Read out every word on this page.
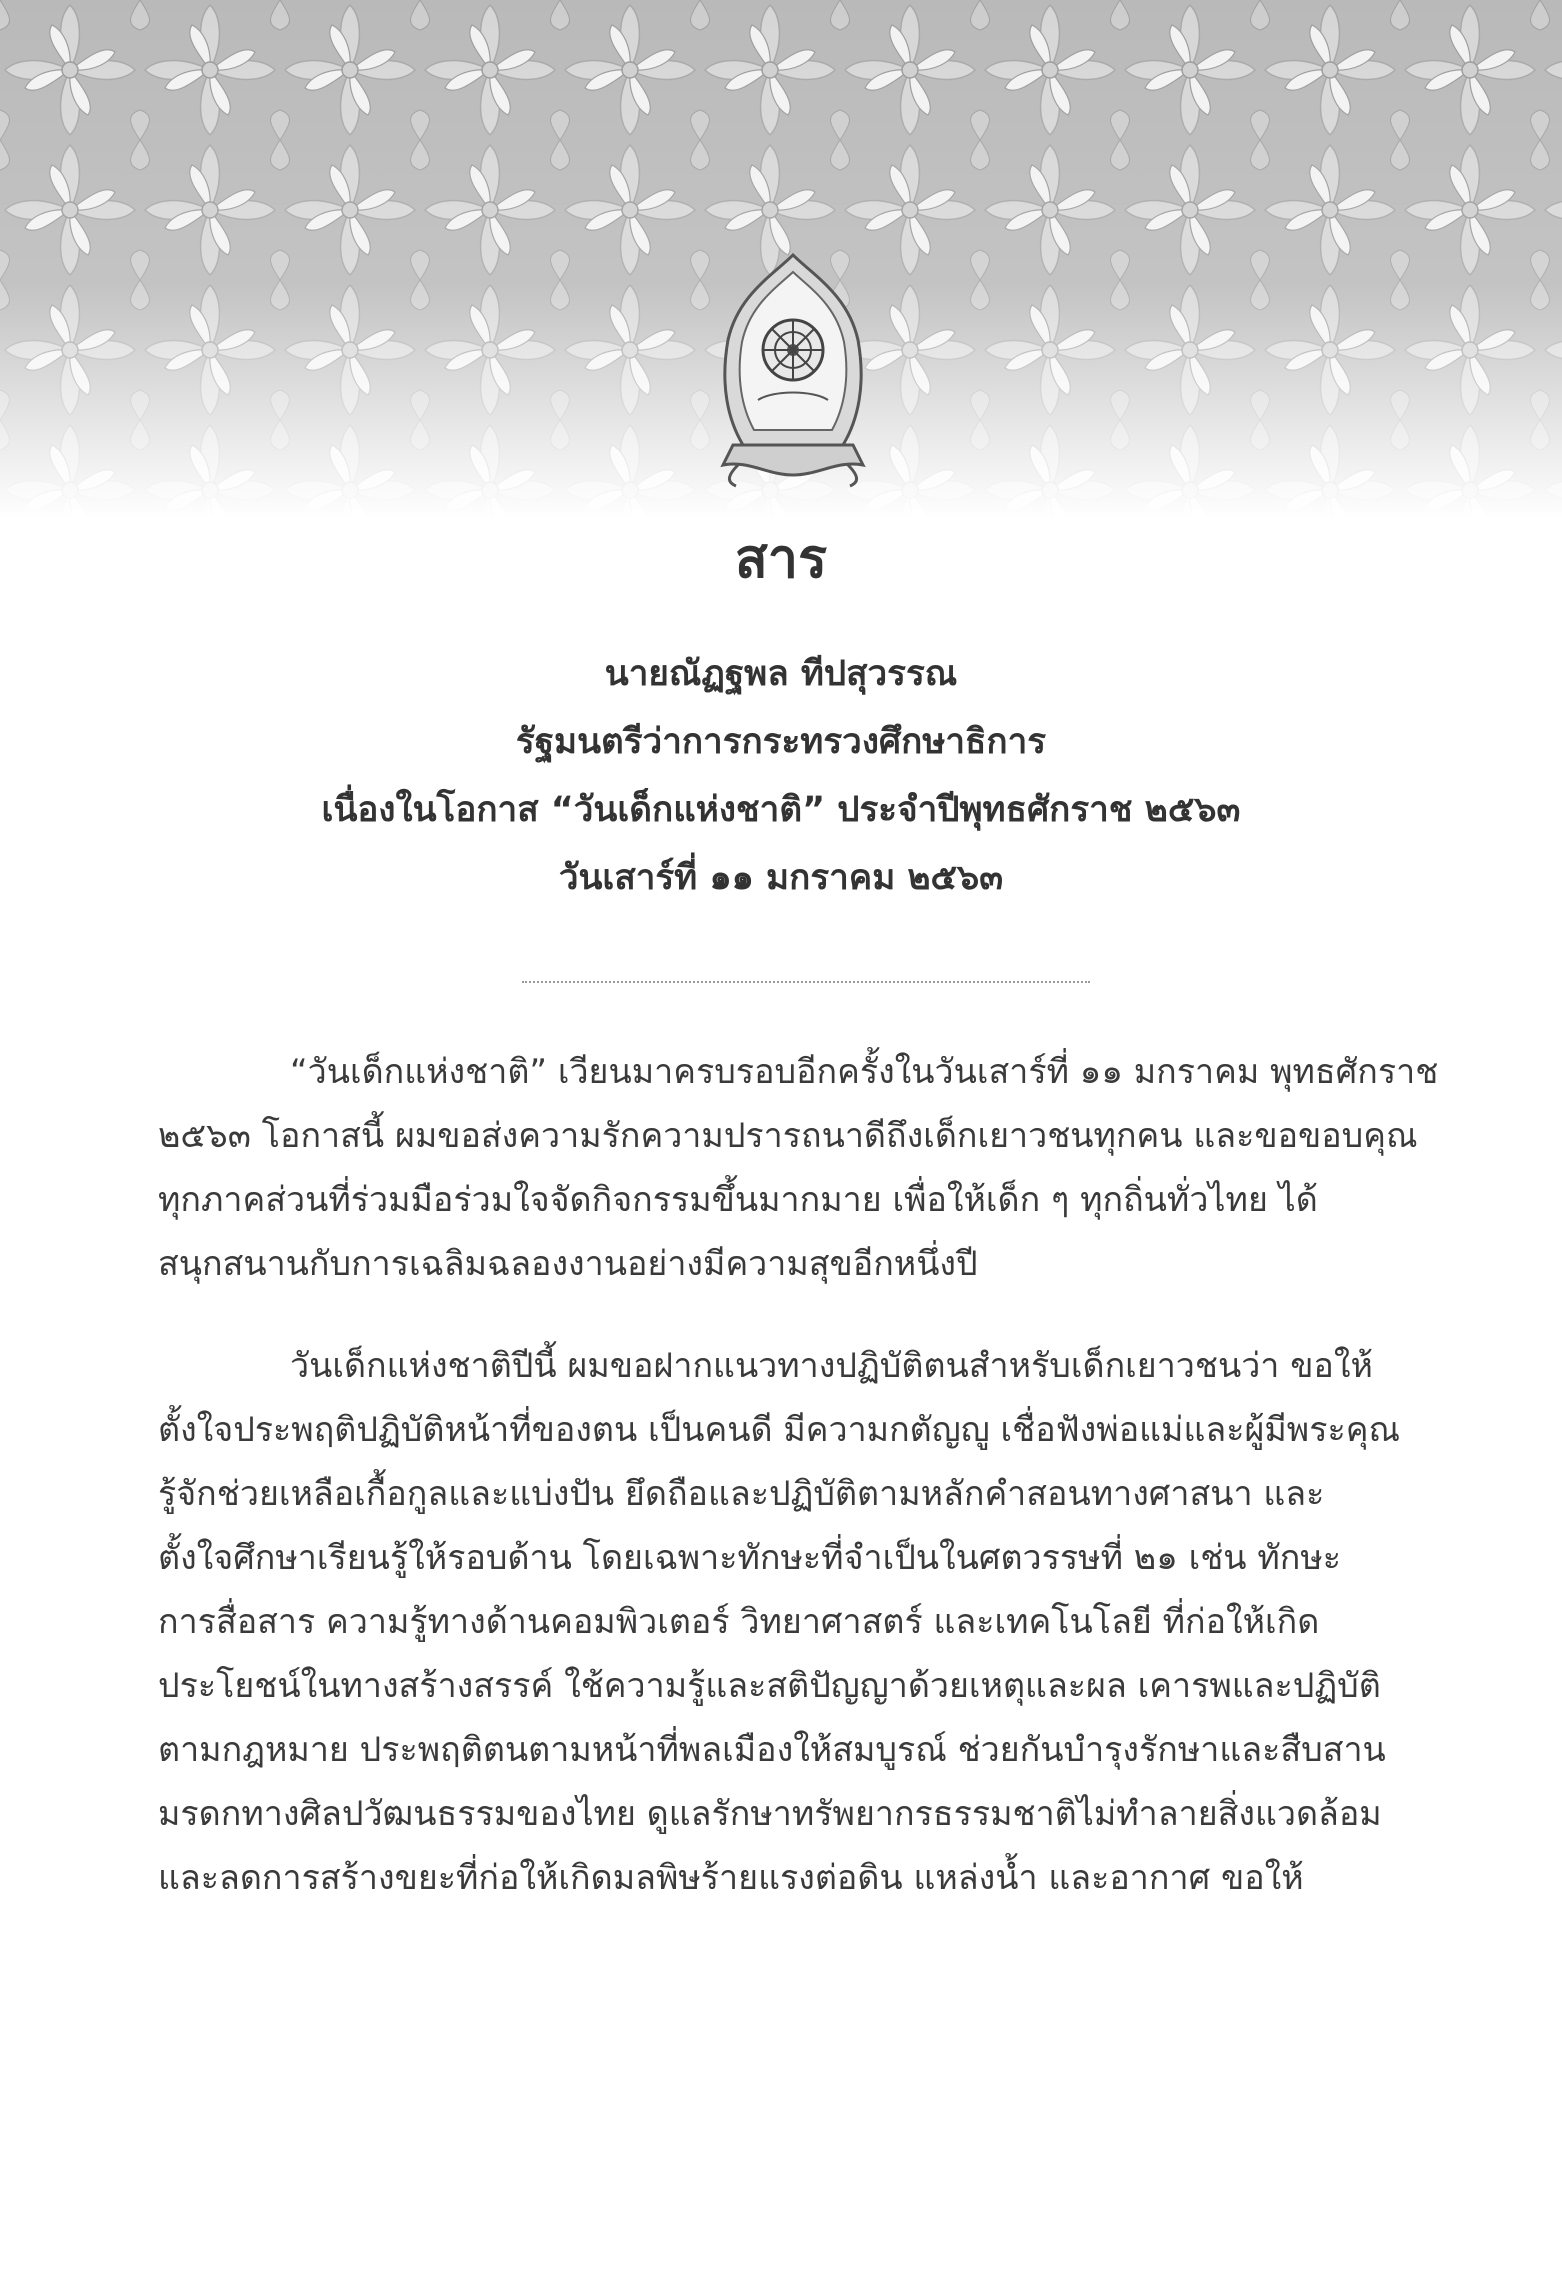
สาร
นายณัฏฐพล ทีปสุวรรณ
รัฐมนตรีว่าการกระทรวงศึกษาธิการ
เนื่องในโอกาส “วันเด็กแห่งชาติ” ประจำปีพุทธศักราช ๒๕๖๓
วันเสาร์ที่ ๑๑ มกราคม ๒๕๖๓

“วันเด็กแห่งชาติ” เวียนมาครบรอบอีกครั้งในวันเสาร์ที่ ๑๑ มกราคม พุทธศักราช
๒๕๖๓ โอกาสนี้ ผมขอส่งความรักความปรารถนาดีถึงเด็กเยาวชนทุกคน และขอขอบคุณ
ทุกภาคส่วนที่ร่วมมือร่วมใจจัดกิจกรรมขึ้นมากมาย เพื่อให้เด็ก ๆ ทุกถิ่นทั่วไทย ได้
สนุกสนานกับการเฉลิมฉลองงานอย่างมีความสุขอีกหนึ่งปี

วันเด็กแห่งชาติปีนี้ ผมขอฝากแนวทางปฏิบัติตนสำหรับเด็กเยาวชนว่า ขอให้
ตั้งใจประพฤติปฏิบัติหน้าที่ของตน เป็นคนดี มีความกตัญญู เชื่อฟังพ่อแม่และผู้มีพระคุณ
รู้จักช่วยเหลือเกื้อกูลและแบ่งปัน ยึดถือและปฏิบัติตามหลักคำสอนทางศาสนา และ
ตั้งใจศึกษาเรียนรู้ให้รอบด้าน โดยเฉพาะทักษะที่จำเป็นในศตวรรษที่ ๒๑ เช่น ทักษะ
การสื่อสาร ความรู้ทางด้านคอมพิวเตอร์ วิทยาศาสตร์ และเทคโนโลยี ที่ก่อให้เกิด
ประโยชน์ในทางสร้างสรรค์ ใช้ความรู้และสติปัญญาด้วยเหตุและผล เคารพและปฏิบัติ
ตามกฎหมาย ประพฤติตนตามหน้าที่พลเมืองให้สมบูรณ์ ช่วยกันบำรุงรักษาและสืบสาน
มรดกทางศิลปวัฒนธรรมของไทย ดูแลรักษาทรัพยากรธรรมชาติไม่ทำลายสิ่งแวดล้อม
และลดการสร้างขยะที่ก่อให้เกิดมลพิษร้ายแรงต่อดิน แหล่งน้ำ และอากาศ ขอให้
